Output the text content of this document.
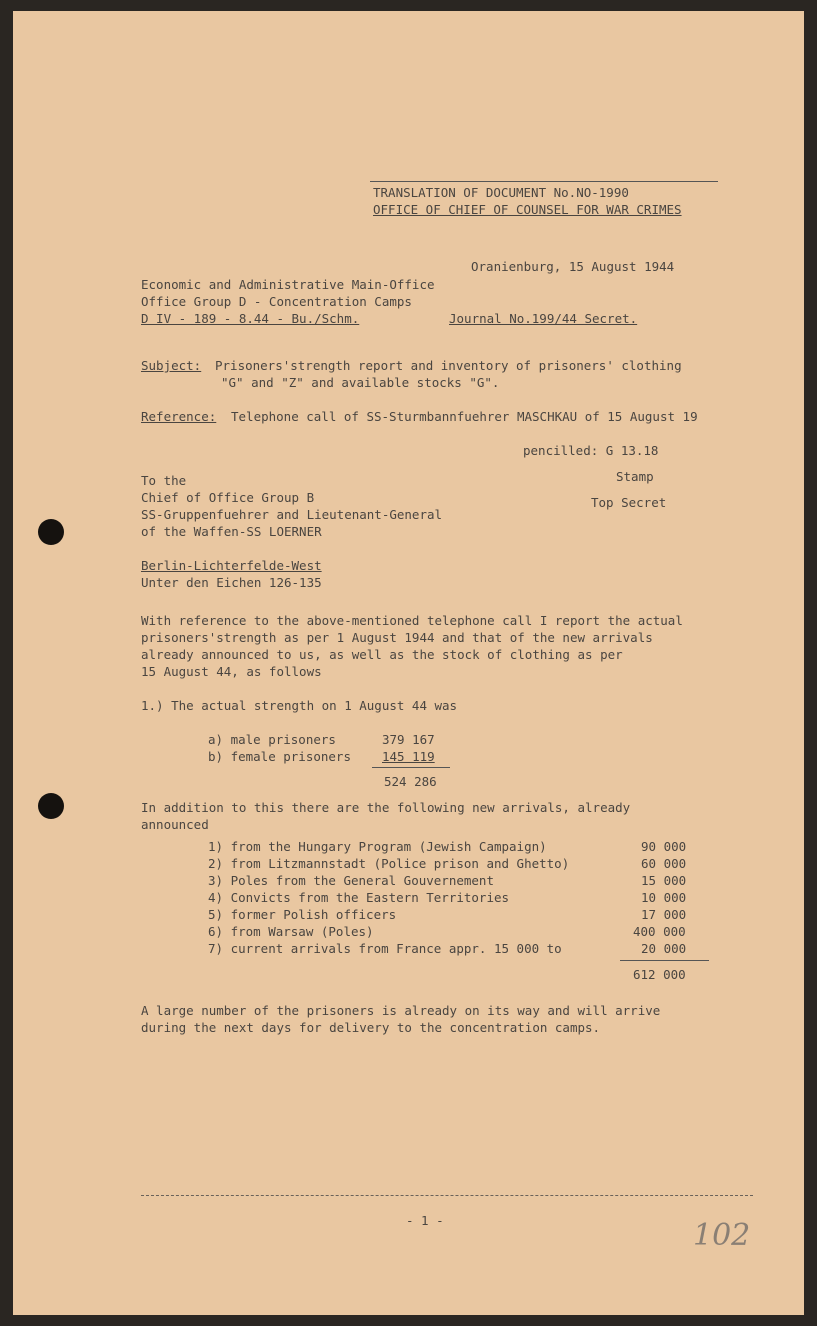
TRANSLATION OF DOCUMENT No.NO-1990
OFFICE OF CHIEF OF COUNSEL FOR WAR CRIMES
Oranienburg, 15 August 1944
Economic and Administrative Main-Office
Office Group D - Concentration Camps
D IV - 189 - 8.44 - Bu./Schm.	Journal No.199/44 Secret.
Subject: Prisoners'strength report and inventory of prisoners' clothing
"G" and "Z" and available stocks "G".
Reference: Telephone call of SS-Sturmbannfuehrer MASCHKAU of 15 August 19
pencilled: G 13.18
Stamp
Top Secret
To the
Chief of Office Group B
SS-Gruppenfuehrer and Lieutenant-General
of the Waffen-SS LOERNER
Berlin-Lichterfelde-West
Unter den Eichen 126-135
With reference to the above-mentioned telephone call I report the actual
prisoners'strength as per 1 August 1944 and that of the new arrivals
already announced to us, as well as the stock of clothing as per
15 August 44, as follows
1.) The actual strength on 1 August 44 was
a) male prisoners	379 167
b) female prisoners 145 119
524 286
In addition to this there are the following new arrivals, already
announced
1) from the Hungary Program (Jewish Campaign)	90 000
2) from Litzmannstadt (Police prison and Ghetto)	60 000
3) Poles from the General Gouvernement	15 000
4) Convicts from the Eastern Territories	10 000
5) former Polish officers	17 000
6) from Warsaw (Poles)	400 000
7) current arrivals from France appr. 15 000 to	20 000
612 000
A large number of the prisoners is already on its way and will arrive
during the next days for delivery to the concentration camps.
- 1 -	102
